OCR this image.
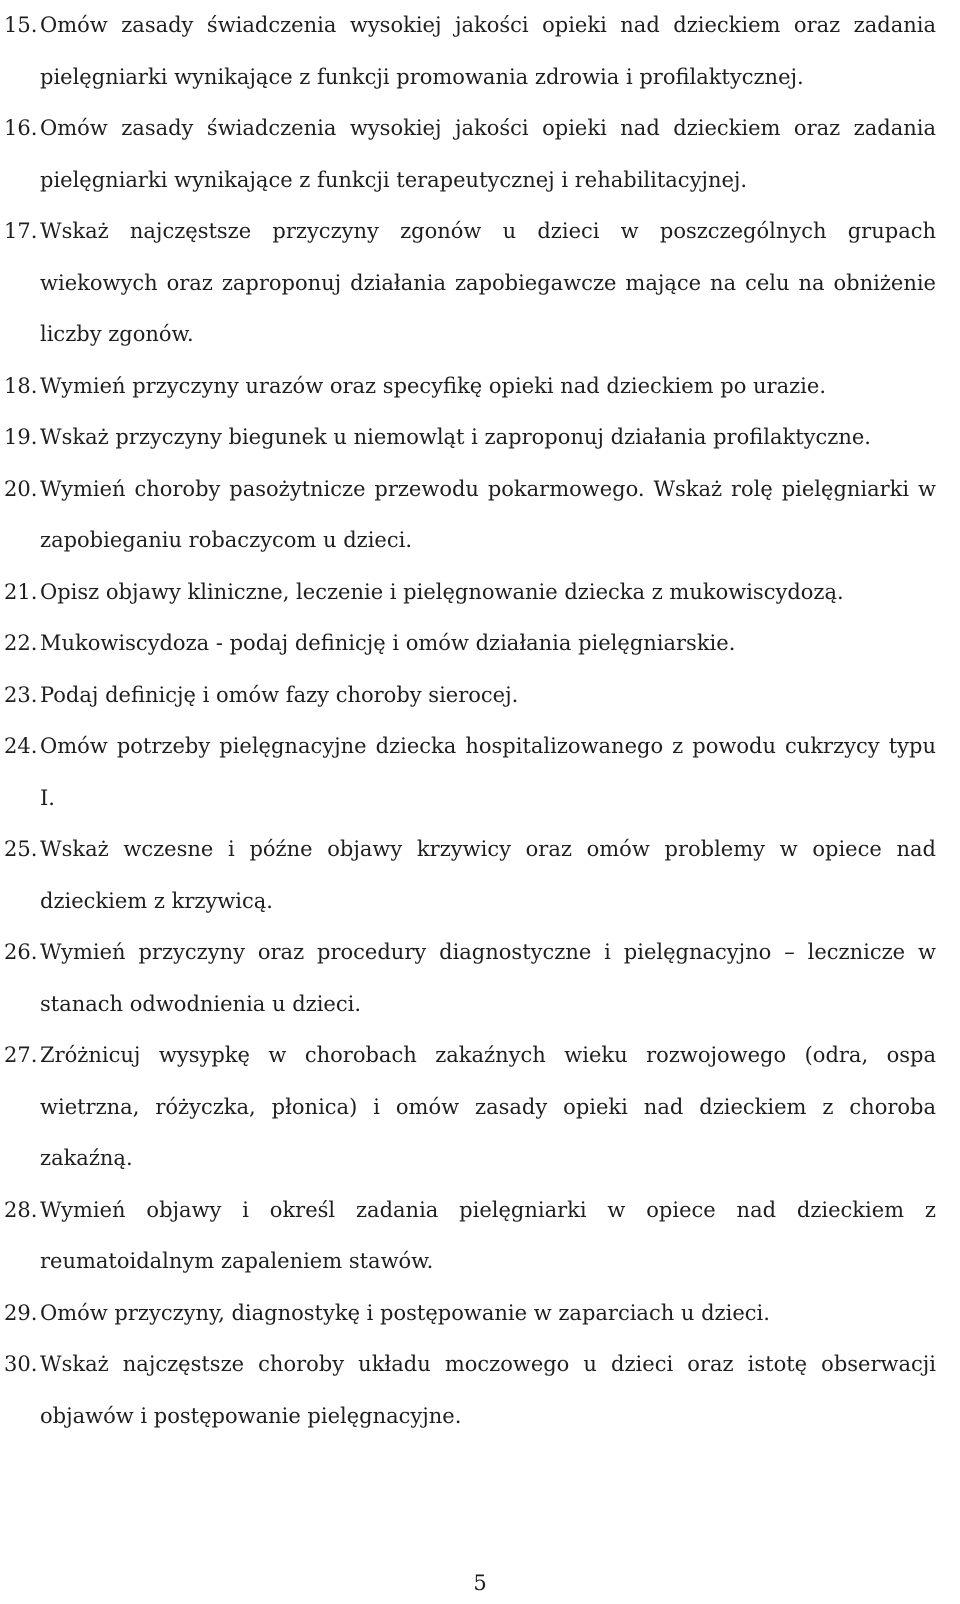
15. Omów zasady świadczenia wysokiej jakości opieki nad dzieckiem oraz zadania pielęgniarki wynikające z funkcji promowania zdrowia i profilaktycznej.
16. Omów zasady świadczenia wysokiej jakości opieki nad dzieckiem oraz zadania pielęgniarki wynikające z funkcji terapeutycznej i rehabilitacyjnej.
17. Wskaż najczęstsze przyczyny zgonów u dzieci w poszczególnych grupach wiekowych oraz zaproponuj działania zapobiegawcze mające na celu na obniżenie liczby zgonów.
18. Wymień przyczyny urazów oraz specyfikę opieki nad dzieckiem po urazie.
19. Wskaż przyczyny biegunek u niemowląt i zaproponuj działania profilaktyczne.
20. Wymień choroby pasożytnicze przewodu pokarmowego. Wskaż rolę pielęgniarki w zapobieganiu robaczycom u dzieci.
21. Opisz objawy kliniczne, leczenie i pielęgnowanie dziecka z mukowiscydozą.
22. Mukowiscydoza - podaj definicję i omów działania pielęgniarskie.
23. Podaj definicję i omów fazy choroby sierocej.
24. Omów potrzeby pielęgnacyjne dziecka hospitalizowanego z powodu cukrzycy typu I.
25. Wskaż wczesne i późne objawy krzywicy oraz omów problemy w opiece nad dzieckiem z krzywicą.
26. Wymień przyczyny oraz procedury diagnostyczne i pielęgnacyjno – lecznicze w stanach odwodnienia u dzieci.
27. Zróżnicuj wysypkę w chorobach zakaźnych wieku rozwojowego (odra, ospa wietrzna, różyczka, płonica) i omów zasady opieki nad dzieckiem z choroba zakaźną.
28. Wymień objawy i określ zadania pielęgniarki w opiece nad dzieckiem z reumatoidalnym zapaleniem stawów.
29. Omów przyczyny, diagnostykę i postępowanie w zaparciach u dzieci.
30. Wskaż najczęstsze choroby układu moczowego u dzieci oraz istotę obserwacji objawów i postępowanie pielęgnacyjne.
5
